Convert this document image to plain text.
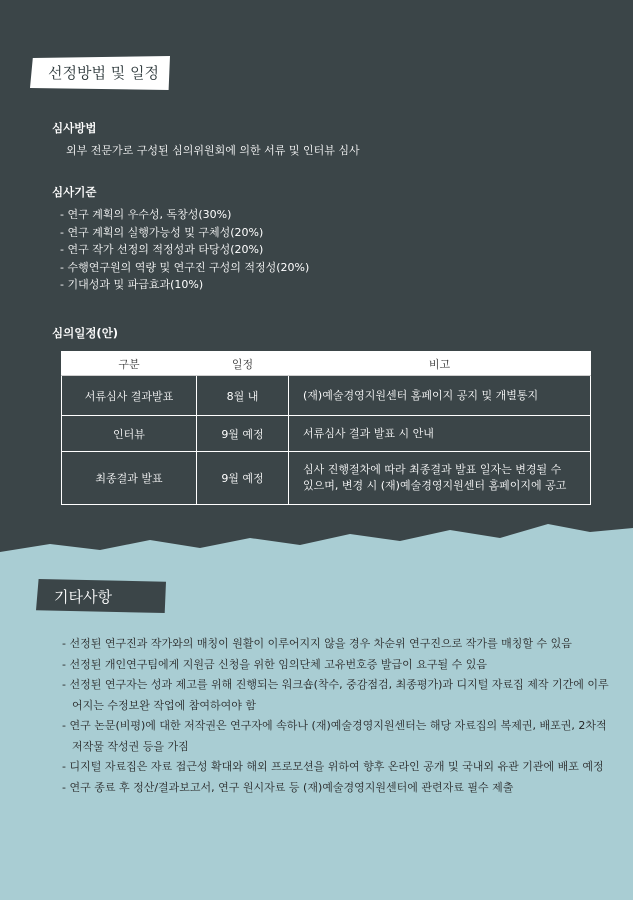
선정방법 및 일정
심사방법
외부 전문가로 구성된 심의위원회에 의한 서류 및 인터뷰 심사
심사기준
- 연구 계획의 우수성, 독창성(30%)
- 연구 계획의 실행가능성 및 구체성(20%)
- 연구 작가 선정의 적정성과 타당성(20%)
- 수행연구원의 역량 및 연구진 구성의 적정성(20%)
- 기대성과 및 파급효과(10%)
심의일정(안)
구분	일정	비고
서류심사 결과발표	8월 내	(재)예술경영지원센터 홈페이지 공지 및 개별통지
인터뷰	9월 예정	서류심사 결과 발표 시 안내
최종결과 발표	9월 예정	심사 진행절차에 따라 최종결과 발표 일자는 변경될 수
있으며, 변경 시 (재)예술경영지원센터 홈페이지에 공고
기타사항
- 선정된 연구진과 작가와의 매칭이 원활이 이루어지지 않을 경우 차순위 연구진으로 작가를 매칭할 수 있음
- 선정된 개인연구팀에게 지원금 신청을 위한 임의단체 고유번호증 발급이 요구될 수 있음
- 선정된 연구자는 성과 제고를 위해 진행되는 워크숍(착수, 중감점검, 최종평가)과 디지털 자료집 제작 기간에 이루어지는 수정보완 작업에 참여하여야 함
- 연구 논문(비평)에 대한 저작권은 연구자에 속하나 (재)예술경영지원센터는 해당 자료집의 복제권, 배포권, 2차적 저작물 작성권 등을 가짐
- 디지털 자료집은 자료 접근성 확대와 해외 프로모션을 위하여 향후 온라인 공개 및 국내외 유관 기관에 배포 예정
- 연구 종료 후 정산/결과보고서, 연구 원시자료 등 (재)예술경영지원센터에 관련자료 필수 제출
